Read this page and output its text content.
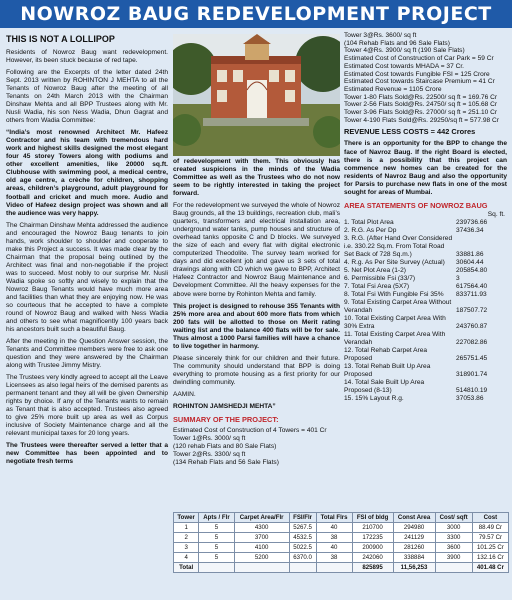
NOWROZ BAUG REDEVELOPMENT PROJECT
THIS IS NOT A LOLLIPOP

Residents of Nowroz Baug want redevelopment. However, its been stuck because of red tape.

Following are the Excerpts of the letter dated 24th Sept. 2013 written by ROHINTON J MEHTA to all the Tenants of Nowroz Baug after the meeting of all Tenants on 24th March 2013 with the Chairman Dinshaw Mehta and all BPP Trustees along with Mr. Nusli Wadia, his son Ness Wadia, Dhun Gagrat and others from Wadia Committee:

“India’s most renowned Architect Mr. Hafeez Contractor and his team with tremendous hard work and highest skills designed the most elegant four 45 storey Towers along with podiums and other excellent amenities, like 20000 sq.ft. Clubhouse with swimming pool, a medical centre, old age centre, a crèche for children, shopping areas, children’s playground, adult playground for football and cricket and much more. Audio and Video of Hafeez design project was shown and all the audience was very happy.

The Chairman Dinshaw Mehta addressed the audience and encouraged the Nowroz Baug tenants to join hands, work shoulder to shoulder and cooperate to make this Project a success. It was made clear by the Chairman that the proposal being outlined by the Architect was final and non-negotiable if the project was to succeed. Most nobly to our surprise Mr. Nusli Wadia spoke so softly and wisely to explain that the Nowroz Baug Tenants would have much more area and facilities than what they are enjoying now. He was so courteous that he accepted to have a complete round of Nowroz Baug and walked with Ness Wadia and others to see what magnificently 100 years back his ancestors built such a beautiful Baug.

After the meeting in the Question Answer session, the Tenants and Committee members were free to ask one question and they were answered by the Chairman along with Trustee Jimmy Mistry.

The Trustees very kindly agreed to accept all the Leave Licensees as also legal heirs of the demised parents as permanent tenant and they all will be given Ownership rights by choice. If any of the Tenants wants to remain as Tenant that is also accepted. Trustees also agreed to give 25% more built up area as well as Corpus inclusive of Society Maintenance charge and all the relevant municipal taxes for 20 long years.

The Trustees were thereafter served a letter that a new Committee has been appointed and to negotiate fresh terms

of redevelopment with them. This obviously has created suspicions in the minds of the Wadia Committee as well as the Trustees who do not now seem to be rightly interested in taking the project forward.

For the redevelopment we surveyed the whole of Nowroz Baug grounds, all the 13 buildings, recreation club, mali’s quarters, transformers and electrical installation area, underground water tanks, pump houses and structure of overhead tanks opposite C and D blocks. We surveyed the size of each and every flat with digital electronic computerized Theodolite. The survey team worked for days and did excellent job and gave us 3 sets of total drawings along with CD which we gave to BPP, Architect Hafeez Contractor and Nowroz Baug Maintenance and Development Committee. All the heavy expenses for the above were borne by Rohinton Mehta and family.

This project is designed to rehouse 355 Tenants with 25% more area and about 600 more flats from which 200 fats will be allotted to those on Merit rating waiting list and the balance 400 flats will be for sale. Thus almost a 1000 Parsi families will have a chance to live together in harmony.

Please sincerely think for our children and their future. The community should understand that BPP is doing everything to promote housing as a first priority for our dwindling community.

AAMIN.

ROHINTON JAMSHEDJI MEHTA”

SUMMARY OF THE PROJECT:
Estimated Cost of Construction of 4 Towers = 401 Cr
Tower 1@Rs. 3000/ sq ft
(120 rehab Flats and 80 Sale Flats)
Tower 2@Rs. 3300/ sq ft
(134 Rehab Flats and 56 Sale Flats)
Tower 3@Rs. 3600/ sq ft
(104 Rehab Flats and 96 Sale Flats)
Tower 4@Rs. 3900/ sq ft (190 Sale Flats)
Estimated Cost of Construction of Car Park = 59 Cr
Estimated Cost towards MHADA = 37 Cr.
Estimated Cost towards Fungible FSI = 125 Crore
Estimated Cost towards Staircase Premium = 41 Cr
Estimated Revenue = 1105 Crore
Tower 1-80 Flats Sold@Rs. 22500/ sq ft = 169.76 Cr
Tower 2-56 Flats Sold@Rs. 24750/ sq ft = 105.68 Cr
Tower 3-96 Flats Sold@Rs. 27000/ sq ft = 251.10 Cr
Tower 4-190 Flats Sold@Rs. 29250/sq ft = 577.98 Cr

REVENUE LESS COSTS = 442 Crores

There is an opportunity for the BPP to change the face of Navroz Baug. If the right Board is elected, there is a possibility that this project can commence new homes can be created for the residents of Navroz Baug and also the opportunity for Parsis to purchase new flats in one of the most sought for areas of Mumbai.

AREA STATEMENTS OF NOWROZ BAUG
Sq. ft.
1. Total Plot Area	239736.66
2. R.G. As Per Dp	37436.34
3. R.G. (After Hand Over Considered i.e. 330.22 Sq.m. From Total Road Set Back of 728 Sq.m.)	33881.86
4. R.g. As Per Site Survey (Actual)	30604.44
5. Net Plot Area (1-2)	205854.80
6. Permissible Fsi (33/7)	3
7. Total Fsi Area (5X7)	617564.40
8. Total Fsi With Fungible Fsi 35%	833711.93
9. Total Existing Carpet Area Without Verandah	187507.72
10. Total Existing Carpet Area With 30% Extra	243760.87
11. Total Existing Carpet Area With Verandah	227082.86
12. Total Rehab Carpet Area Proposed	265751.45
13. Total Rehab Built Up Area Proposed	318901.74
14. Total Sale Built Up Area Proposed (8-13)	514810.19
15. 15% Layout R.g.	37053.86
Tower	Apts / Flr	Carpet Area/Flr	FSI/Flr	Total Flrs	FSI of bldg	Const Area	Cost/ sqft	Cost
1	5	4300	5267.5	40	210700	294980	3000	88.49 Cr
2	5	3700	4532.5	38	172235	241129	3300	79.57 Cr
3	5	4100	5022.5	40	200900	281260	3600	101.25 Cr
4	5	5200	6370.0	38	242060	338884	3900	132.16 Cr
Total					825895	11,56,253		401.48 Cr
